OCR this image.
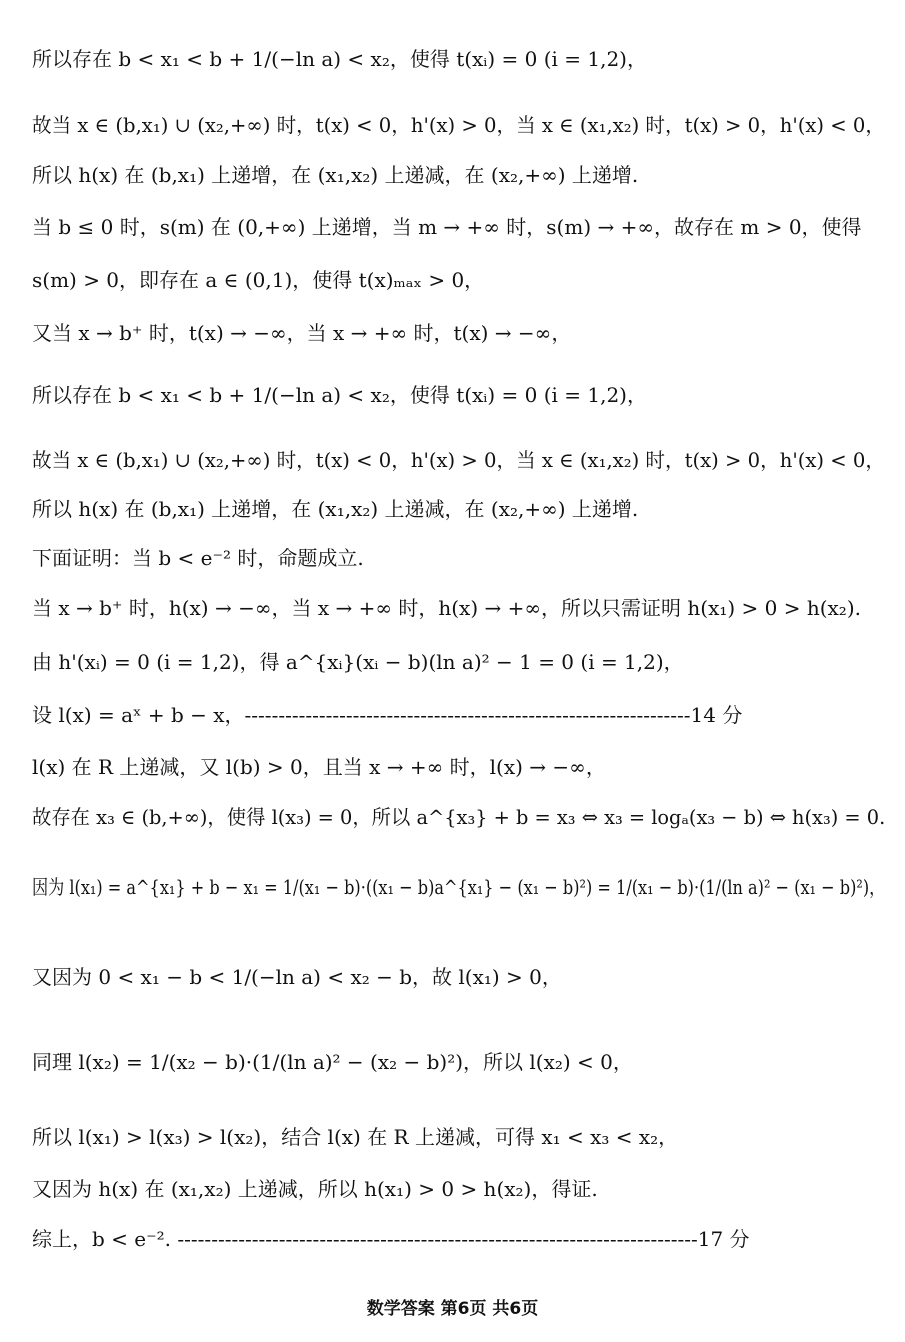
所以存在 b < x₁ < b + 1/(−ln a) < x₂，使得 t(xᵢ) = 0 (i = 1,2)，
故当 x ∈ (b,x₁) ∪ (x₂,+∞) 时，t(x) < 0，h'(x) > 0，当 x ∈ (x₁,x₂) 时，t(x) > 0，h'(x) < 0，
所以 h(x) 在 (b,x₁) 上递增，在 (x₁,x₂) 上递减，在 (x₂,+∞) 上递增.
当 b ≤ 0 时，s(m) 在 (0,+∞) 上递增，当 m → +∞ 时，s(m) → +∞，故存在 m > 0，使得
s(m) > 0，即存在 a ∈ (0,1)，使得 t(x)ₘₐₓ > 0，
又当 x → b⁺ 时，t(x) → −∞，当 x → +∞ 时，t(x) → −∞，
所以存在 b < x₁ < b + 1/(−ln a) < x₂，使得 t(xᵢ) = 0 (i = 1,2)，
故当 x ∈ (b,x₁) ∪ (x₂,+∞) 时，t(x) < 0，h'(x) > 0，当 x ∈ (x₁,x₂) 时，t(x) > 0，h'(x) < 0，
所以 h(x) 在 (b,x₁) 上递增，在 (x₁,x₂) 上递减，在 (x₂,+∞) 上递增.
下面证明：当 b < e⁻² 时，命题成立.
当 x → b⁺ 时，h(x) → −∞，当 x → +∞ 时，h(x) → +∞，所以只需证明 h(x₁) > 0 > h(x₂).
由 h'(xᵢ) = 0 (i = 1,2)，得 a^{xᵢ}(xᵢ − b)(ln a)² − 1 = 0 (i = 1,2)，
设 l(x) = aˣ + b − x，------------------------------------------------------------------14 分
l(x) 在 R 上递减，又 l(b) > 0，且当 x → +∞ 时，l(x) → −∞，
故存在 x₃ ∈ (b,+∞)，使得 l(x₃) = 0，所以 a^{x₃} + b = x₃ ⇔ x₃ = logₐ(x₃ − b) ⇔ h(x₃) = 0.
因为 l(x₁) = a^{x₁} + b − x₁ = 1/(x₁ − b)·((x₁ − b)a^{x₁} − (x₁ − b)²) = 1/(x₁ − b)·(1/(ln a)² − (x₁ − b)²)，
又因为 0 < x₁ − b < 1/(−ln a) < x₂ − b，故 l(x₁) > 0，
同理 l(x₂) = 1/(x₂ − b)·(1/(ln a)² − (x₂ − b)²)，所以 l(x₂) < 0，
所以 l(x₁) > l(x₃) > l(x₂)，结合 l(x) 在 R 上递减，可得 x₁ < x₃ < x₂，
又因为 h(x) 在 (x₁,x₂) 上递减，所以 h(x₁) > 0 > h(x₂)，得证.
综上，b < e⁻². -----------------------------------------------------------------------------17 分
数学答案 第6页 共6页
